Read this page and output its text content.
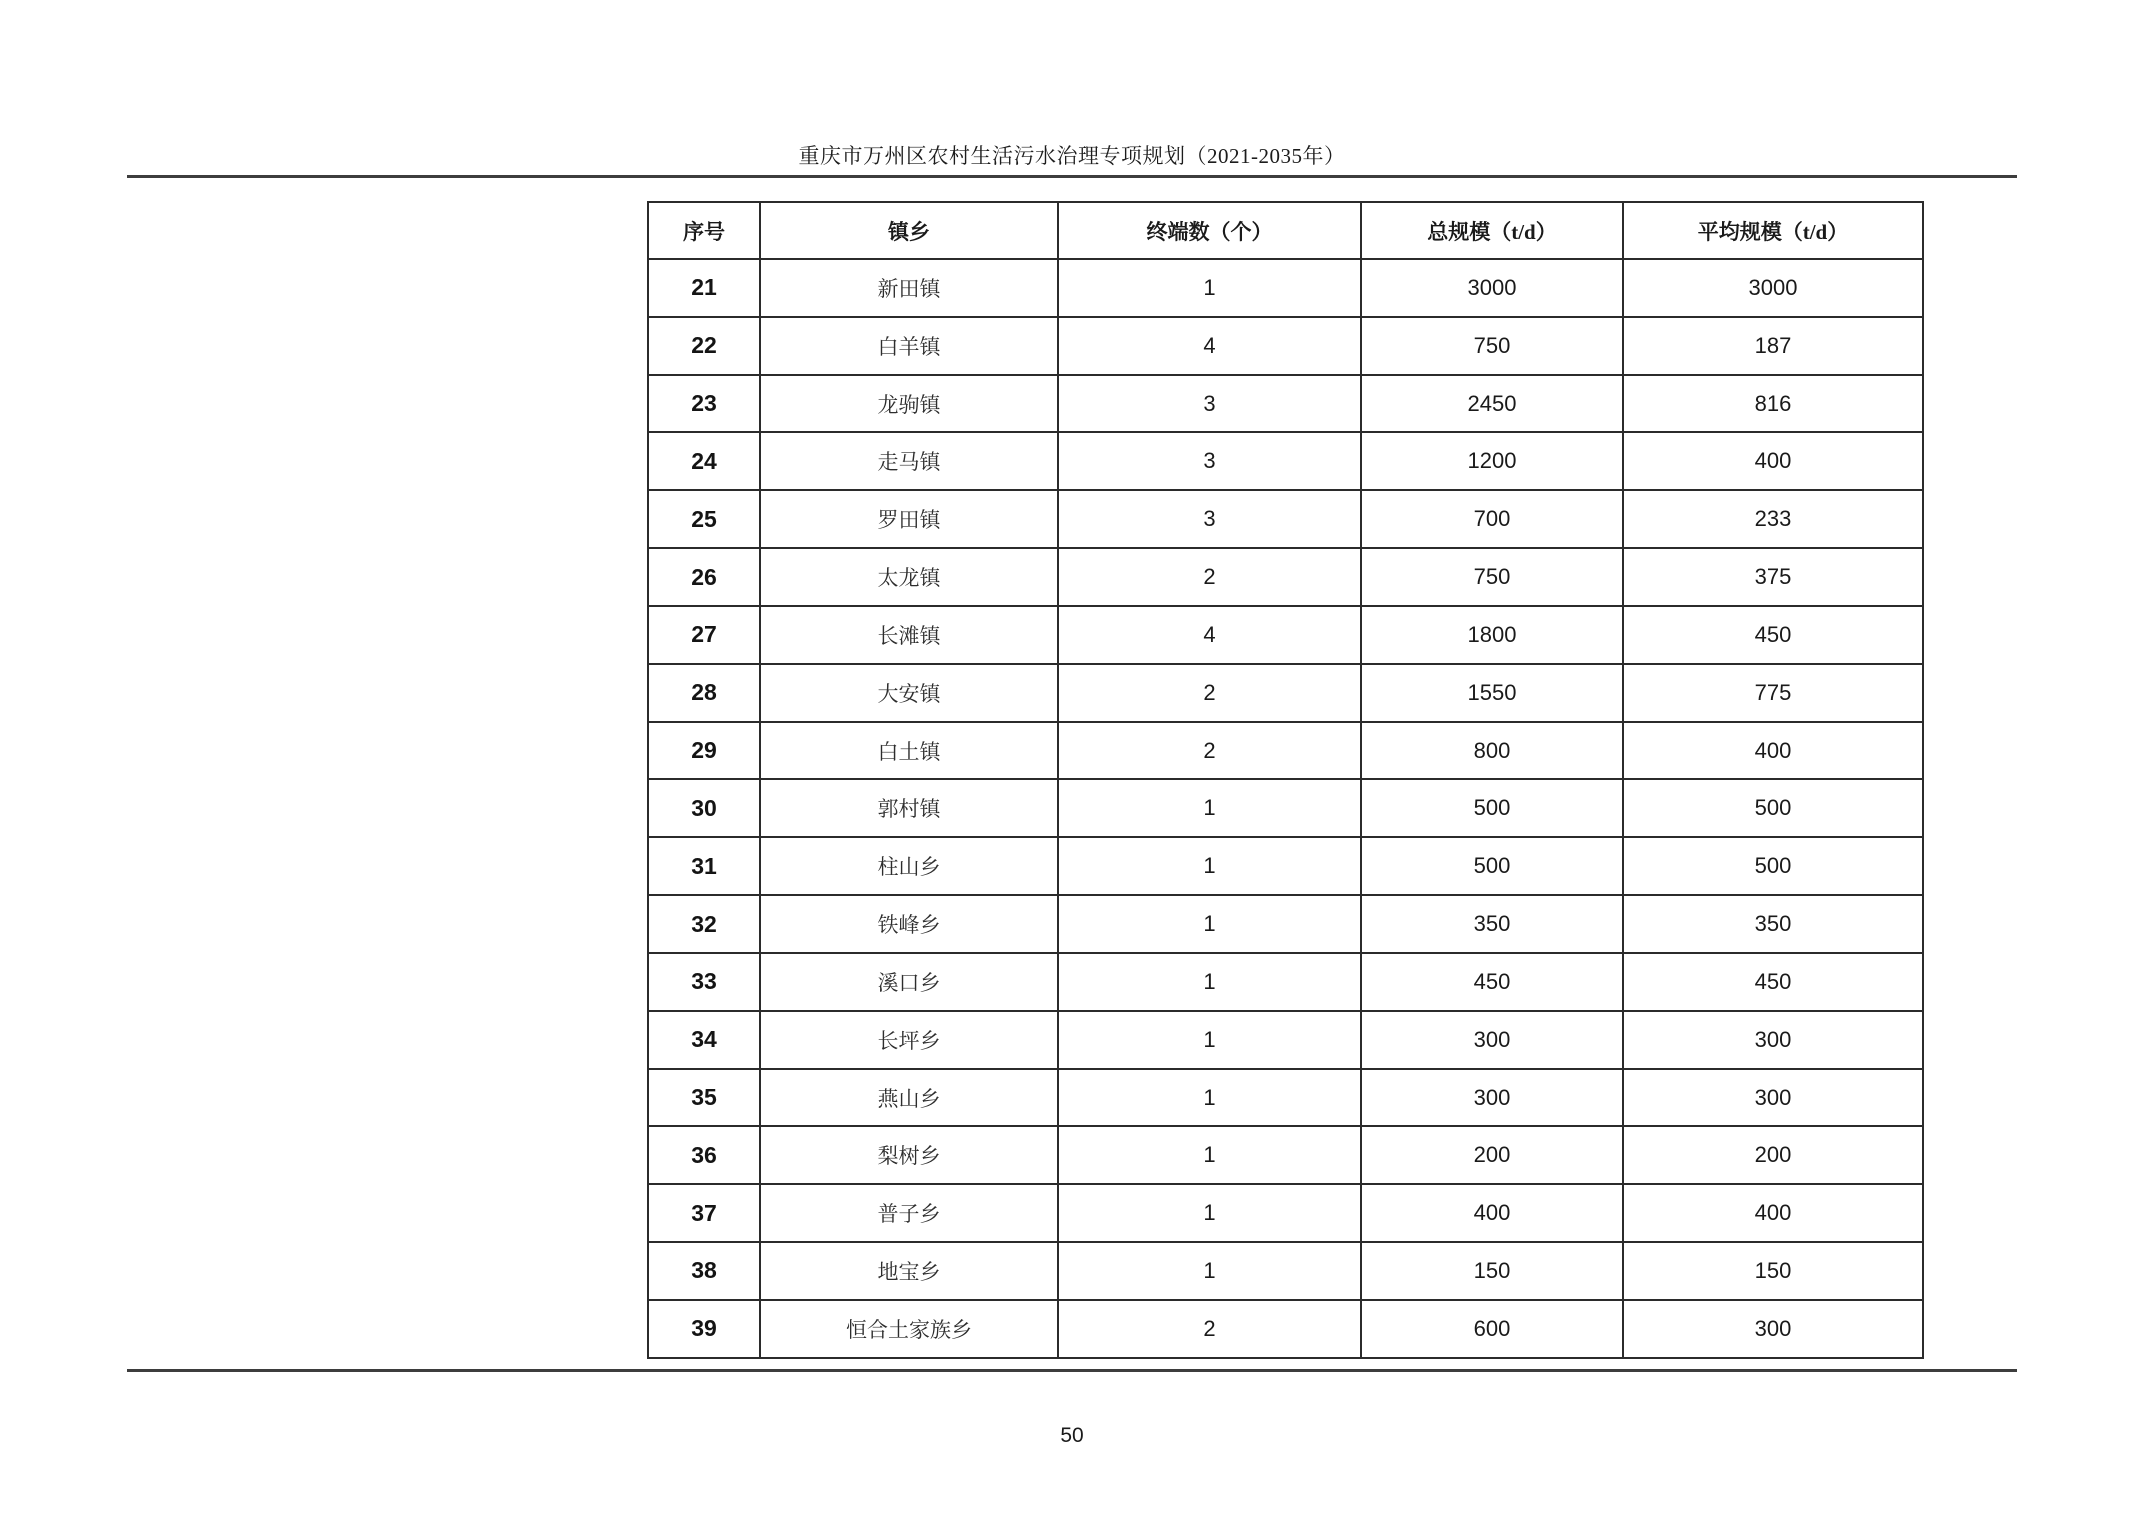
重庆市万州区农村生活污水治理专项规划（2021-2035年）
序号	镇乡	终端数（个）	总规模（t/d）	平均规模（t/d）
21	新田镇	1	3000	3000
22	白羊镇	4	750	187
23	龙驹镇	3	2450	816
24	走马镇	3	1200	400
25	罗田镇	3	700	233
26	太龙镇	2	750	375
27	长滩镇	4	1800	450
28	大安镇	2	1550	775
29	白土镇	2	800	400
30	郭村镇	1	500	500
31	柱山乡	1	500	500
32	铁峰乡	1	350	350
33	溪口乡	1	450	450
34	长坪乡	1	300	300
35	燕山乡	1	300	300
36	梨树乡	1	200	200
37	普子乡	1	400	400
38	地宝乡	1	150	150
39	恒合土家族乡	2	600	300
50
